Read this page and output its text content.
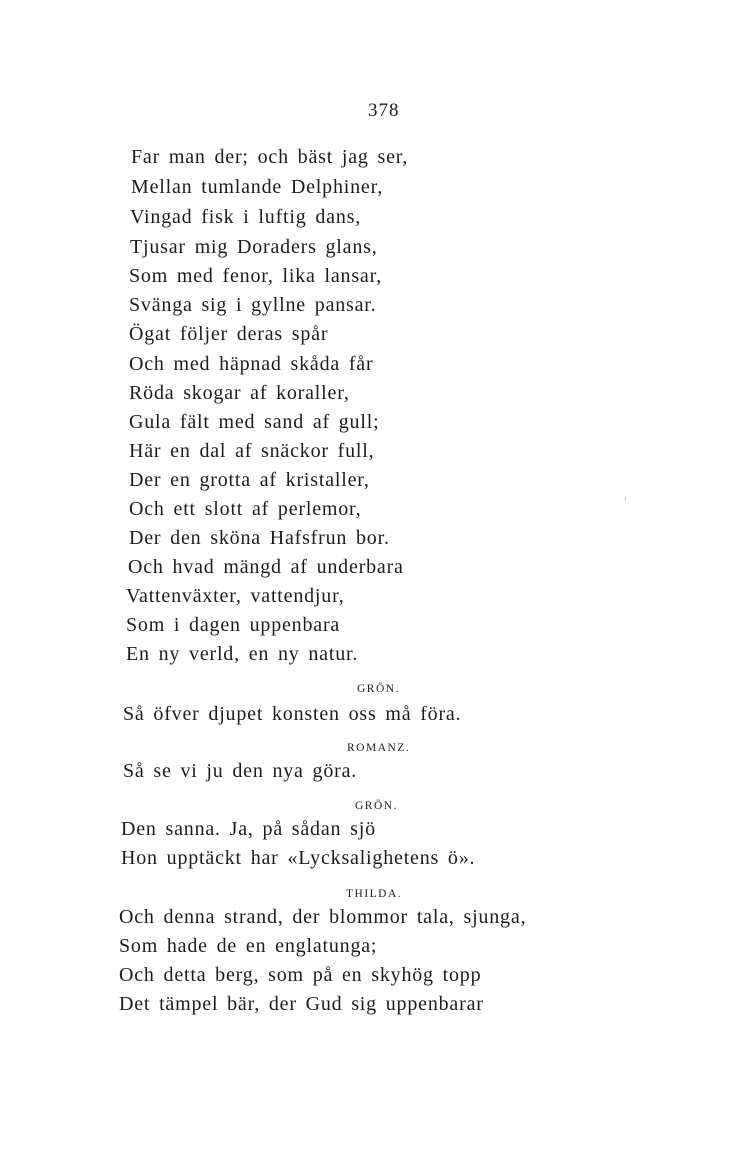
378
Far man der; och bäst jag ser,
Mellan tumlande Delphiner,
Vingad fisk i luftig dans,
Tjusar mig Doraders glans,
Som med fenor, lika lansar,
Svänga sig i gyllne pansar.
Ögat följer deras spår
Och med häpnad skåda får
Röda skogar af koraller,
Gula fält med sand af gull;
Här en dal af snäckor full,
Der en grotta af kristaller,
Och ett slott af perlemor,
Der den sköna Hafsfrun bor.
Och hvad mängd af underbara
Vattenväxter, vattendjur,
Som i dagen uppenbara
En ny verld, en ny natur.
GRÖN.
Så öfver djupet konsten oss må föra.
ROMANZ.
Så se vi ju den nya göra.
GRÖN.
Den sanna. Ja, på sådan sjö
Hon upptäckt har «Lycksalighetens ö».
THILDA.
Och denna strand, der blommor tala, sjunga,
Som hade de en englatunga;
Och detta berg, som på en skyhög topp
Det tämpel bär, der Gud sig uppenbarar
